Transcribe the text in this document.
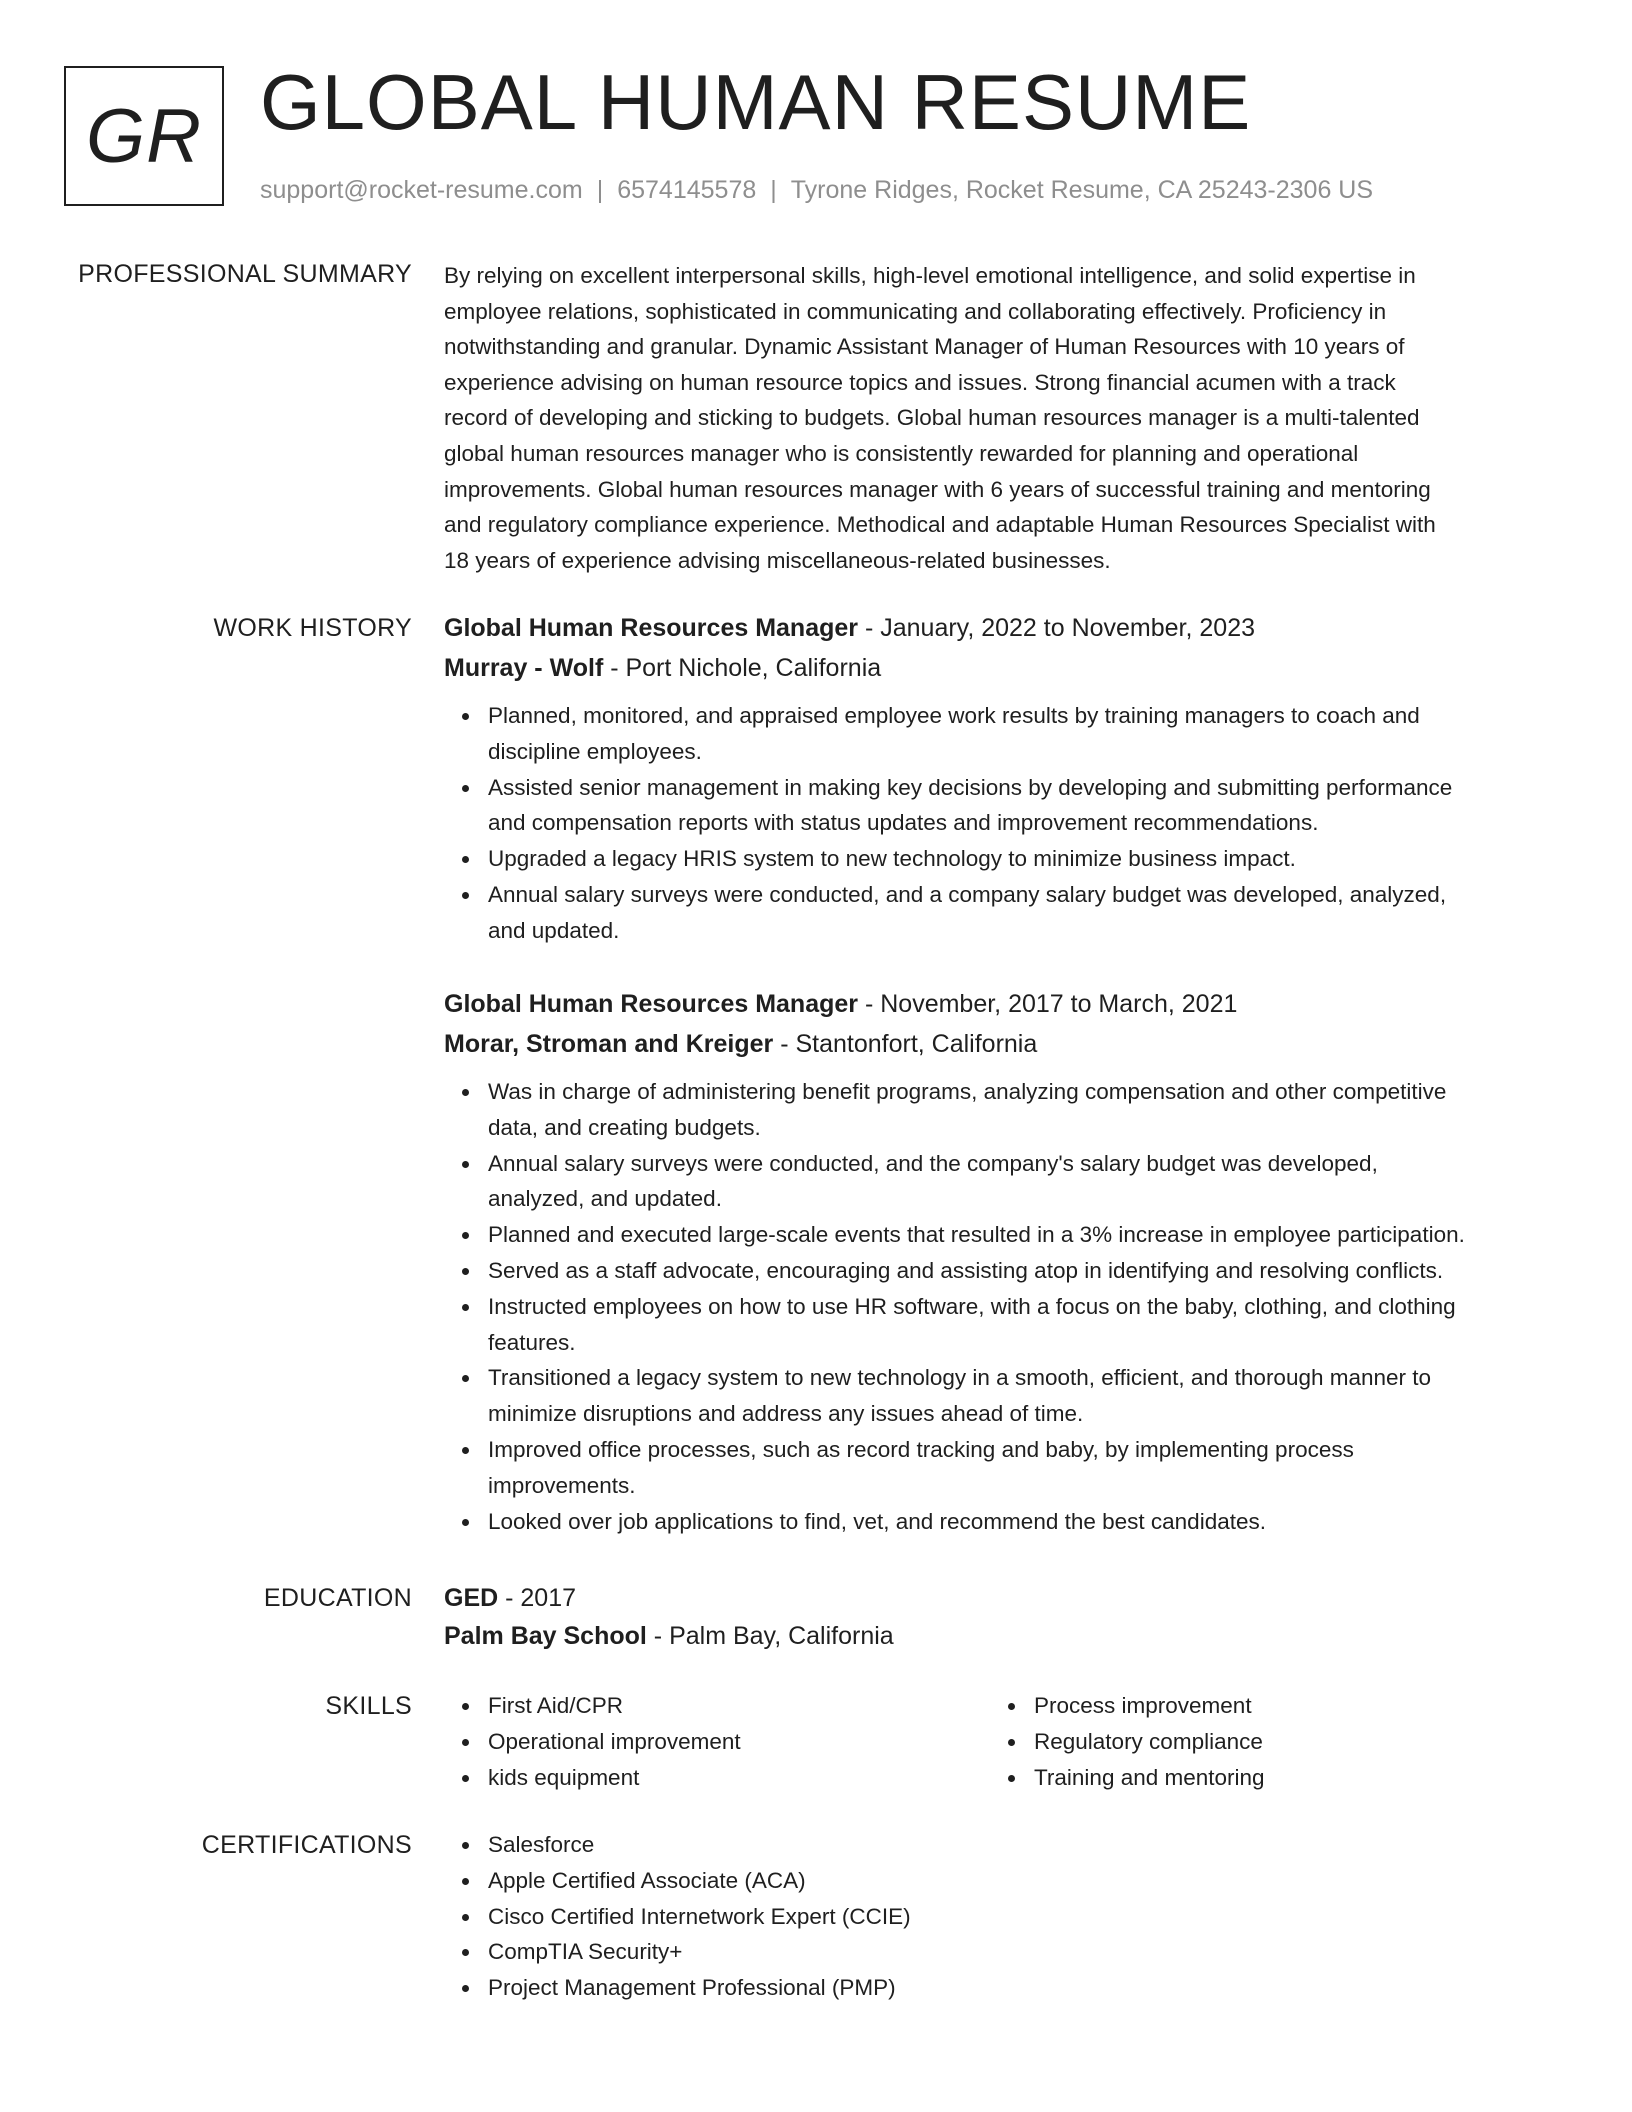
GR GLOBAL HUMAN RESUME
support@rocket-resume.com | 6574145578 | Tyrone Ridges, Rocket Resume, CA 25243-2306 US
PROFESSIONAL SUMMARY By relying on excellent interpersonal skills, high-level emotional intelligence, and solid expertise in
employee relations, sophisticated in communicating and collaborating effectively. Proficiency in
notwithstanding and granular. Dynamic Assistant Manager of Human Resources with 10 years of
experience advising on human resource topics and issues. Strong financial acumen with a track
record of developing and sticking to budgets. Global human resources manager is a multi-talented
global human resources manager who is consistently rewarded for planning and operational
improvements. Global human resources manager with 6 years of successful training and mentoring
and regulatory compliance experience. Methodical and adaptable Human Resources Specialist with
18 years of experience advising miscellaneous-related businesses.
WORK HISTORY Global Human Resources Manager - January, 2022 to November, 2023
Murray - Wolf - Port Nichole, California
Planned, monitored, and appraised employee work results by training managers to coach and
discipline employees.
Assisted senior management in making key decisions by developing and submitting performance
and compensation reports with status updates and improvement recommendations.
Upgraded a legacy HRIS system to new technology to minimize business impact.
Annual salary surveys were conducted, and a company salary budget was developed, analyzed,
and updated.
Global Human Resources Manager - November, 2017 to March, 2021
Morar, Stroman and Kreiger - Stantonfort, California
Was in charge of administering benefit programs, analyzing compensation and other competitive
data, and creating budgets.
Annual salary surveys were conducted, and the company's salary budget was developed,
analyzed, and updated.
Planned and executed large-scale events that resulted in a 3% increase in employee participation.
Served as a staff advocate, encouraging and assisting atop in identifying and resolving conflicts.
Instructed employees on how to use HR software, with a focus on the baby, clothing, and clothing
features.
Transitioned a legacy system to new technology in a smooth, efficient, and thorough manner to
minimize disruptions and address any issues ahead of time.
Improved office processes, such as record tracking and baby, by implementing process
improvements.
Looked over job applications to find, vet, and recommend the best candidates.
EDUCATION GED - 2017
Palm Bay School - Palm Bay, California
SKILLS	First Aid/CPR
Operational improvement
kids equipment
Process improvement
Regulatory compliance
Training and mentoring
CERTIFICATIONS	Salesforce
Apple Certified Associate (ACA)
Cisco Certified Internetwork Expert (CCIE)
CompTIA Security+
Project Management Professional (PMP)
